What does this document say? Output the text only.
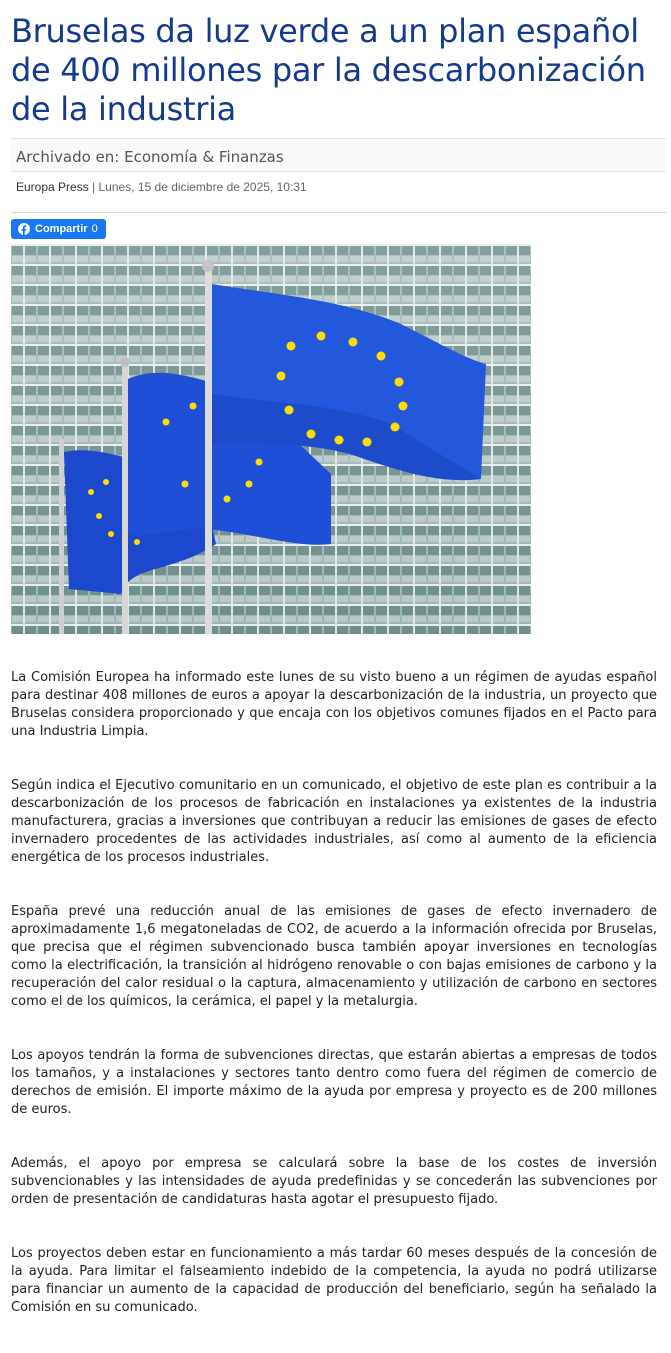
Bruselas da luz verde a un plan español de 400 millones par la descarbonización de la industria
Archivado en: Economía & Finanzas
Europa Press | Lunes, 15 de diciembre de 2025, 10:31
Compartir 0

La Comisión Europea ha informado este lunes de su visto bueno a un régimen de ayudas español para destinar 408 millones de euros a apoyar la descarbonización de la industria, un proyecto que Bruselas considera proporcionado y que encaja con los objetivos comunes fijados en el Pacto para una Industria Limpia.

Según indica el Ejecutivo comunitario en un comunicado, el objetivo de este plan es contribuir a la descarbonización de los procesos de fabricación en instalaciones ya existentes de la industria manufacturera, gracias a inversiones que contribuyan a reducir las emisiones de gases de efecto invernadero procedentes de las actividades industriales, así como al aumento de la eficiencia energética de los procesos industriales.

España prevé una reducción anual de las emisiones de gases de efecto invernadero de aproximadamente 1,6 megatoneladas de CO2, de acuerdo a la información ofrecida por Bruselas, que precisa que el régimen subvencionado busca también apoyar inversiones en tecnologías como la electrificación, la transición al hidrógeno renovable o con bajas emisiones de carbono y la recuperación del calor residual o la captura, almacenamiento y utilización de carbono en sectores como el de los químicos, la cerámica, el papel y la metalurgia.

Los apoyos tendrán la forma de subvenciones directas, que estarán abiertas a empresas de todos los tamaños, y a instalaciones y sectores tanto dentro como fuera del régimen de comercio de derechos de emisión. El importe máximo de la ayuda por empresa y proyecto es de 200 millones de euros.

Además, el apoyo por empresa se calculará sobre la base de los costes de inversión subvencionables y las intensidades de ayuda predefinidas y se concederán las subvenciones por orden de presentación de candidaturas hasta agotar el presupuesto fijado.

Los proyectos deben estar en funcionamiento a más tardar 60 meses después de la concesión de la ayuda. Para limitar el falseamiento indebido de la competencia, la ayuda no podrá utilizarse para financiar un aumento de la capacidad de producción del beneficiario, según ha señalado la Comisión en su comunicado.
